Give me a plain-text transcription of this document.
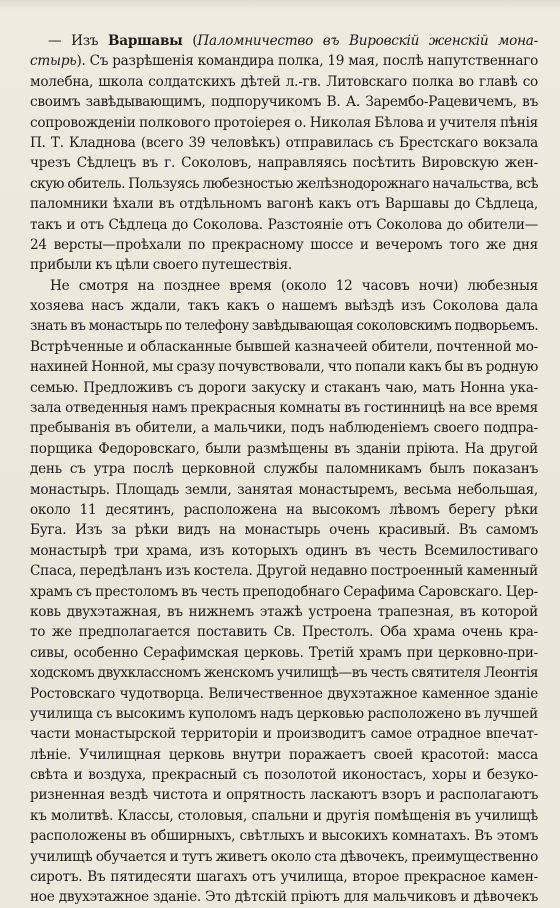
— Изъ Варшавы (Паломничество въ Вировскій женскій мона-
стырь). Съ разрѣшенія командира полка, 19 мая, послѣ напутственнаго
молебна, школа солдатскихъ дѣтей л.-гв. Литовскаго полка во главѣ со
своимъ завѣдывающимъ, подпоручикомъ В. А. Зарембо-Рацевичемъ, въ
сопровожденіи полкового протоіерея о. Николая Бѣлова и учителя пѣнія
П. Т. Кладнова (всего 39 человѣкъ) отправилась съ Брестскаго вокзала
чрезъ Сѣдлецъ въ г. Соколовъ, направляясь посѣтить Вировскую жен-
скую обитель. Пользуясь любезностью желѣзнодорожнаго начальства, всѣ
паломники ѣхали въ отдѣльномъ вагонѣ какъ отъ Варшавы до Сѣдлеца,
такъ и отъ Сѣдлеца до Соколова. Разстояніе отъ Соколова до обители—
24 версты—проѣхали по прекрасному шоссе и вечеромъ того же дня
прибыли къ цѣли своего путешествія.
Не смотря на позднее время (около 12 часовъ ночи) любезныя
хозяева насъ ждали, такъ какъ о нашемъ выѣздѣ изъ Соколова дала
знать въ монастырь по телефону завѣдывающая соколовскимъ подворьемъ.
Встрѣченные и обласканные бывшей казначеей обители, почтенной мо-
нахиней Нонной, мы сразу почувствовали, что попали какъ бы въ родную
семью. Предложивъ съ дороги закуску и стаканъ чаю, мать Нонна ука-
зала отведенныя намъ прекрасныя комнаты въ гостинницѣ на все время
пребыванія въ обители, а мальчики, подъ наблюденіемъ своего подпра-
порщика Федоровскаго, были размѣщены въ зданіи пріюта. На другой
день съ утра послѣ церковной службы паломникамъ былъ показанъ
монастырь. Площадь земли, занятая монастыремъ, весьма небольшая,
около 11 десятинъ, расположена на высокомъ лѣвомъ берегу рѣки
Буга. Изъ за рѣки видъ на монастырь очень красивый. Въ самомъ
монастырѣ три храма, изъ которыхъ одинъ въ честь Всемилостиваго
Спаса, передѣланъ изъ костела. Другой недавно построенный каменный
храмъ съ престоломъ въ честь преподобнаго Серафима Саровскаго. Цер-
ковь двухэтажная, въ нижнемъ этажѣ устроена трапезная, въ которой
то же предполагается поставить Св. Престолъ. Оба храма очень кра-
сивы, особенно Серафимская церковь. Третій храмъ при церковно-при-
ходскомъ двухклассномъ женскомъ училищѣ—въ честь святителя Леонтія
Ростовскаго чудотворца. Величественное двухэтажное каменное зданіе
училища съ высокимъ куполомъ надъ церковью расположено въ лучшей
части монастырской территоріи и производитъ самое отрадное впечат-
лѣніе. Училищная церковь внутри поражаетъ своей красотой: масса
свѣта и воздуха, прекрасный съ позолотой иконостасъ, хоры и безуко-
ризненная вездѣ чистота и опрятность ласкаютъ взоръ и располагаютъ
къ молитвѣ. Классы, столовыя, спальни и другія помѣщенія въ училищѣ
расположены въ обширныхъ, свѣтлыхъ и высокихъ комнатахъ. Въ этомъ
училищѣ обучается и тутъ живетъ около ста дѣвочекъ, преимущественно
сиротъ. Въ пятидесяти шагахъ отъ училища, второе прекрасное камен-
ное двухэтажное зданіе. Это дѣтскій пріютъ для мальчиковъ и дѣвочекъ
